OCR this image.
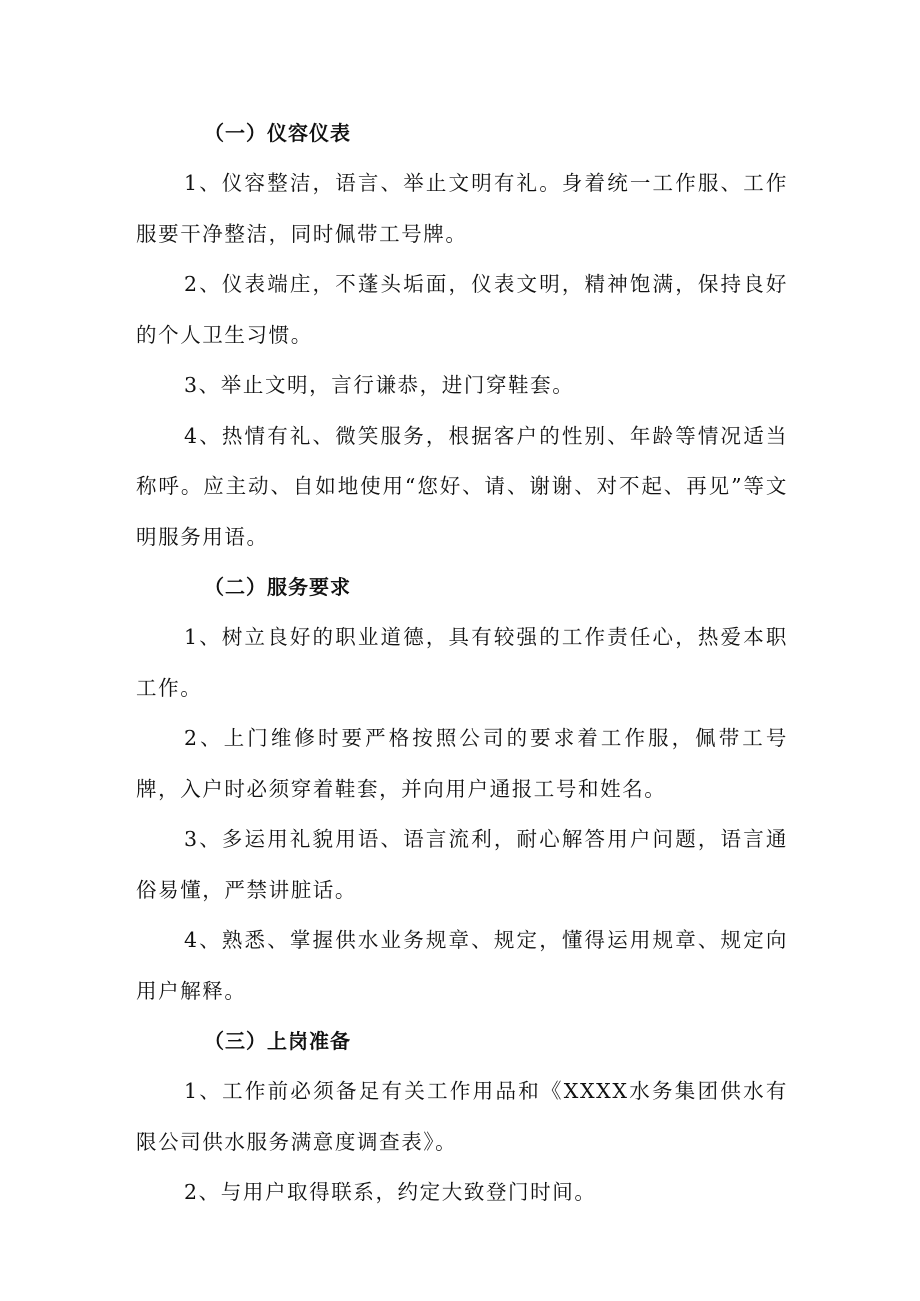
（一）仪容仪表

1、仪容整洁，语言、举止文明有礼。身着统一工作服、工作服要干净整洁，同时佩带工号牌。

2、仪表端庄，不蓬头垢面，仪表文明，精神饱满，保持良好的个人卫生习惯。

3、举止文明，言行谦恭，进门穿鞋套。

4、热情有礼、微笑服务，根据客户的性别、年龄等情况适当称呼。应主动、自如地使用“您好、请、谢谢、对不起、再见”等文明服务用语。

（二）服务要求

1、树立良好的职业道德，具有较强的工作责任心，热爱本职工作。

2、上门维修时要严格按照公司的要求着工作服，佩带工号牌，入户时必须穿着鞋套，并向用户通报工号和姓名。

3、多运用礼貌用语、语言流利，耐心解答用户问题，语言通俗易懂，严禁讲脏话。

4、熟悉、掌握供水业务规章、规定，懂得运用规章、规定向用户解释。

（三）上岗准备

1、工作前必须备足有关工作用品和《XXXX水务集团供水有限公司供水服务满意度调查表》。

2、与用户取得联系，约定大致登门时间。
